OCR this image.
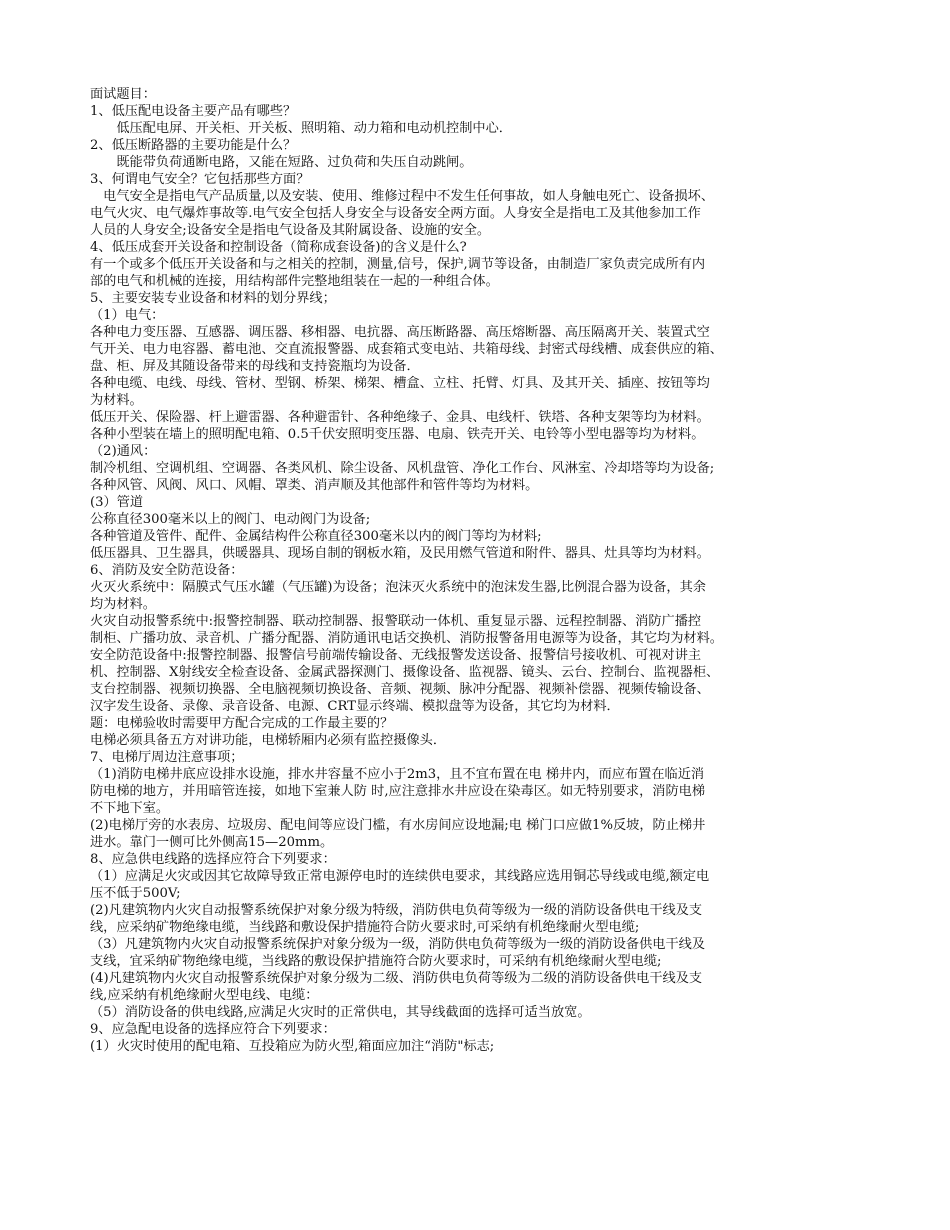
面试题目：

1、低压配电设备主要产品有哪些？

　　低压配电屏、开关柜、开关板、照明箱、动力箱和电动机控制中心．

2、低压断路器的主要功能是什么？

　　既能带负荷通断电路，又能在短路、过负荷和失压自动跳闸。

3、何谓电气安全？它包括那些方面？

　电气安全是指电气产品质量,以及安装、使用、维修过程中不发生任何事故，如人身触电死亡、设备损坏、

电气火灾、电气爆炸事故等.电气安全包括人身安全与设备安全两方面。人身安全是指电工及其他参加工作

人员的人身安全;设备安全是指电气设备及其附属设备、设施的安全。

4、低压成套开关设备和控制设备（简称成套设备)的含义是什么?

有一个或多个低压开关设备和与之相关的控制，测量,信号，保护,调节等设备，由制造厂家负责完成所有内

部的电气和机械的连接，用结构部件完整地组装在一起的一种组合体。

5、主要安装专业设备和材料的划分界线；

（1）电气：

各种电力变压器、互感器、调压器、移相器、电抗器、高压断路器、高压熔断器、高压隔离开关、装置式空

气开关、电力电容器、蓄电池、交直流报警器、成套箱式变电站、共箱母线、封密式母线槽、成套供应的箱、

盘、柜、屏及其随设备带来的母线和支持瓷瓶均为设备．

各种电缆、电线、母线、管材、型钢、桥架、梯架、槽盒、立柱、托臂、灯具、及其开关、插座、按钮等均

为材料。

低压开关、保险器、杆上避雷器、各种避雷针、各种绝缘子、金具、电线杆、铁塔、各种支架等均为材料。

各种小型装在墙上的照明配电箱、0.5千伏安照明变压器、电扇、铁壳开关、电铃等小型电器等均为材料。

（2)通风：

制冷机组、空调机组、空调器、各类风机、除尘设备、风机盘管、净化工作台、风淋室、冷却塔等均为设备;

各种风管、风阀、风口、风帽、罩类、消声顺及其他部件和管件等均为材料。

(3）管道

公称直径300毫米以上的阀门、电动阀门为设备;

各种管道及管件、配件、金属结构件公称直径300毫米以内的阀门等均为材料;

低压器具、卫生器具，供暖器具、现场自制的钢板水箱，及民用燃气管道和附件、器具、灶具等均为材料。

6、消防及安全防范设备：

火灭火系统中：隔膜式气压水罐（气压罐)为设备；泡沫灭火系统中的泡沫发生器,比例混合器为设备，其余

均为材料。

火灾自动报警系统中:报警控制器、联动控制器、报警联动一体机、重复显示器、远程控制器、消防广播控

制柜、广播功放、录音机、广播分配器、消防通讯电话交换机、消防报警备用电源等为设备，其它均为材料。

安全防范设备中:报警控制器、报警信号前端传输设备、无线报警发送设备、报警信号接收机、可视对讲主

机、控制器、X射线安全检查设备、金属武器探测门、摄像设备、监视器、镜头、云台、控制台、监视器柜、

支台控制器、视频切换器、全电脑视频切换设备、音频、视频、脉冲分配器、视频补偿器、视频传输设备、

汉字发生设备、录像、录音设备、电源、CRT显示终端、模拟盘等为设备，其它均为材料．

题：电梯验收时需要甲方配合完成的工作最主要的？

电梯必须具备五方对讲功能，电梯轿厢内必须有监控摄像头．

7、电梯厅周边注意事项；

（1)消防电梯井底应设排水设施，排水井容量不应小于2m3，且不宜布置在电 梯井内，而应布置在临近消

防电梯的地方，并用暗管连接，如地下室兼人防 时,应注意排水井应设在染毒区。如无特别要求，消防电梯

不下地下室。

(2)电梯厅旁的水表房、垃圾房、配电间等应设门槛，有水房间应设地漏;电 梯门口应做1%反坡，防止梯井

进水。靠门一侧可比外侧高15—20mm。

8、应急供电线路的选择应符合下列要求：

（1）应满足火灾或因其它故障导致正常电源停电时的连续供电要求，其线路应选用铜芯导线或电缆,额定电

压不低于500V;

(2)凡建筑物内火灾自动报警系统保护对象分级为特级，消防供电负荷等级为一级的消防设备供电干线及支

线，应采纳矿物绝缘电缆，当线路和敷设保护措施符合防火要求时,可采纳有机绝缘耐火型电缆;

（3）凡建筑物内火灾自动报警系统保护对象分级为一级，消防供电负荷等级为一级的消防设备供电干线及

支线，宜采纳矿物绝缘电缆，当线路的敷设保护措施符合防火要求时，可采纳有机绝缘耐火型电缆;

(4)凡建筑物内火灾自动报警系统保护对象分级为二级、消防供电负荷等级为二级的消防设备供电干线及支

线,应采纳有机绝缘耐火型电线、电缆：

（5）消防设备的供电线路,应满足火灾时的正常供电，其导线截面的选择可适当放宽。

9、应急配电设备的选择应符合下列要求：

(1）火灾时使用的配电箱、互投箱应为防火型,箱面应加注“消防"标志;
